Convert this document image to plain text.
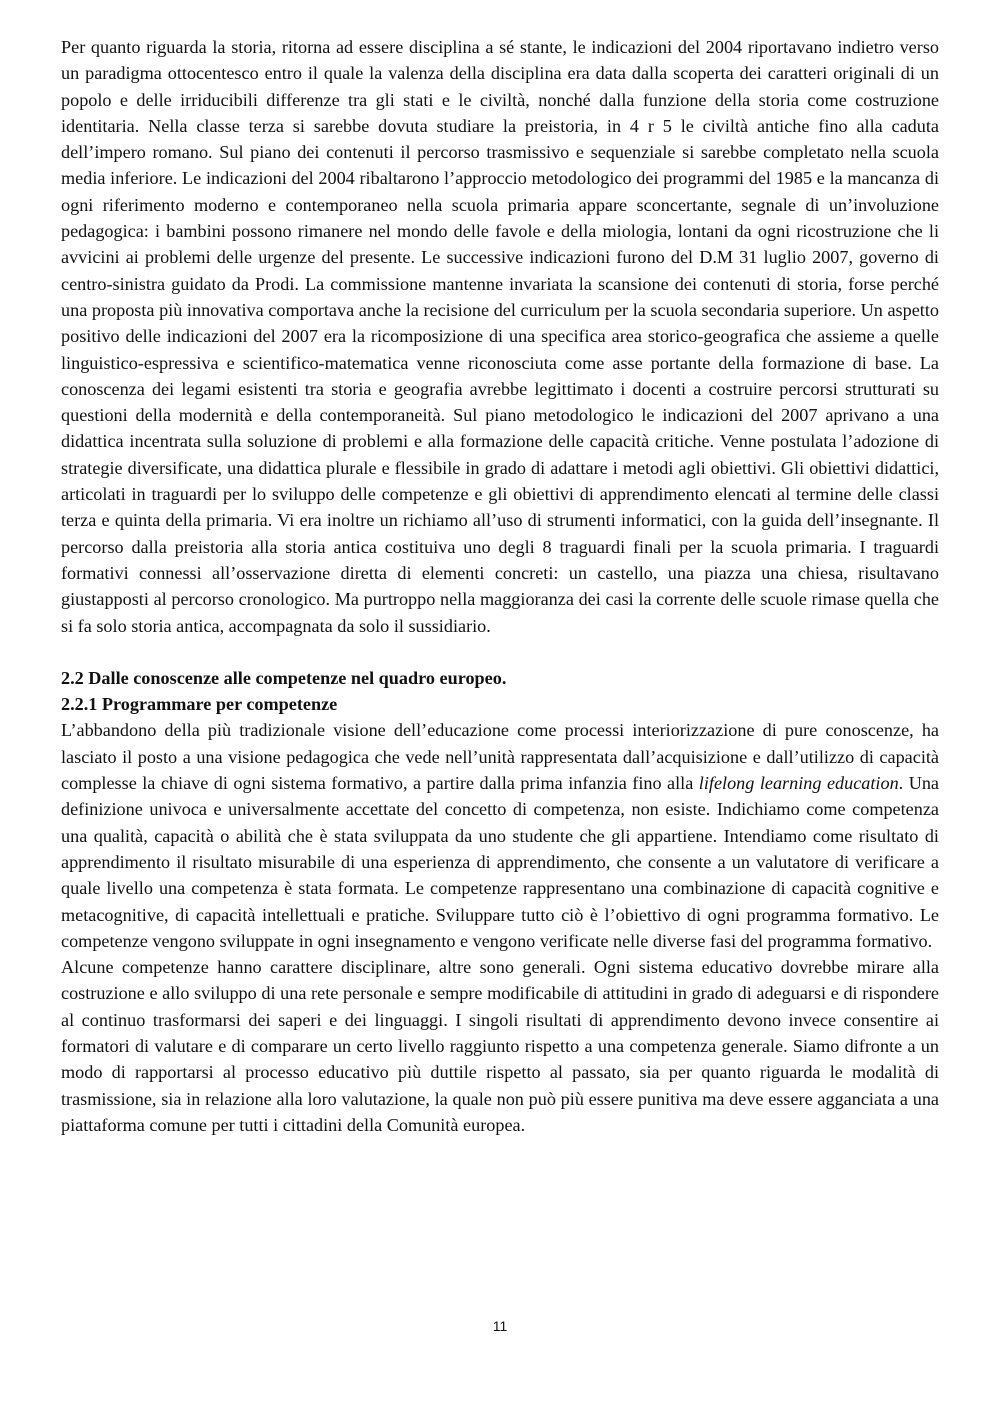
Per quanto riguarda la storia, ritorna ad essere disciplina a sé stante, le indicazioni del 2004 riportavano indietro verso un paradigma ottocentesco entro il quale la valenza della disciplina era data dalla scoperta dei caratteri originali di un popolo e delle irriducibili differenze tra gli stati e le civiltà, nonché dalla funzione della storia come costruzione identitaria. Nella classe terza si sarebbe dovuta studiare la preistoria, in 4 r 5 le civiltà antiche fino alla caduta dell’impero romano. Sul piano dei contenuti il percorso trasmissivo e sequenziale si sarebbe completato nella scuola media inferiore. Le indicazioni del 2004 ribaltarono l’approccio metodologico dei programmi del 1985 e la mancanza di ogni riferimento moderno e contemporaneo nella scuola primaria appare sconcertante, segnale di un’involuzione pedagogica: i bambini possono rimanere nel mondo delle favole e della miologia, lontani da ogni ricostruzione che li avvicini ai problemi delle urgenze del presente. Le successive indicazioni furono del D.M 31 luglio 2007, governo di centro-sinistra guidato da Prodi. La commissione mantenne invariata la scansione dei contenuti di storia, forse perché una proposta più innovativa comportava anche la recisione del curriculum per la scuola secondaria superiore. Un aspetto positivo delle indicazioni del 2007 era la ricomposizione di una specifica area storico-geografica che assieme a quelle linguistico-espressiva e scientifico-matematica venne riconosciuta come asse portante della formazione di base. La conoscenza dei legami esistenti tra storia e geografia avrebbe legittimato i docenti a costruire percorsi strutturati su questioni della modernità e della contemporaneità. Sul piano metodologico le indicazioni del 2007 aprivano a una didattica incentrata sulla soluzione di problemi e alla formazione delle capacità critiche. Venne postulata l’adozione di strategie diversificate, una didattica plurale e flessibile in grado di adattare i metodi agli obiettivi. Gli obiettivi didattici, articolati in traguardi per lo sviluppo delle competenze e gli obiettivi di apprendimento elencati al termine delle classi terza e quinta della primaria. Vi era inoltre un richiamo all’uso di strumenti informatici, con la guida dell’insegnante. Il percorso dalla preistoria alla storia antica costituiva uno degli 8 traguardi finali per la scuola primaria. I traguardi formativi connessi all’osservazione diretta di elementi concreti: un castello, una piazza una chiesa, risultavano giustapposti al percorso cronologico. Ma purtroppo nella maggioranza dei casi la corrente delle scuole rimase quella che si fa solo storia antica, accompagnata da solo il sussidiario.

2.2 Dalle conoscenze alle competenze nel quadro europeo.

2.2.1 Programmare per competenze

L’abbandono della più tradizionale visione dell’educazione come processi interiorizzazione di pure conoscenze, ha lasciato il posto a una visione pedagogica che vede nell’unità rappresentata dall’acquisizione e dall’utilizzo di capacità complesse la chiave di ogni sistema formativo, a partire dalla prima infanzia fino alla lifelong learning education. Una definizione univoca e universalmente accettate del concetto di competenza, non esiste. Indichiamo come competenza una qualità, capacità o abilità che è stata sviluppata da uno studente che gli appartiene. Intendiamo come risultato di apprendimento il risultato misurabile di una esperienza di apprendimento, che consente a un valutatore di verificare a quale livello una competenza è stata formata. Le competenze rappresentano una combinazione di capacità cognitive e metacognitive, di capacità intellettuali e pratiche. Sviluppare tutto ciò è l’obiettivo di ogni programma formativo. Le competenze vengono sviluppate in ogni insegnamento e vengono verificate nelle diverse fasi del programma formativo.

Alcune competenze hanno carattere disciplinare, altre sono generali. Ogni sistema educativo dovrebbe mirare alla costruzione e allo sviluppo di una rete personale e sempre modificabile di attitudini in grado di adeguarsi e di rispondere al continuo trasformarsi dei saperi e dei linguaggi. I singoli risultati di apprendimento devono invece consentire ai formatori di valutare e di comparare un certo livello raggiunto rispetto a una competenza generale. Siamo difronte a un modo di rapportarsi al processo educativo più duttile rispetto al passato, sia per quanto riguarda le modalità di trasmissione, sia in relazione alla loro valutazione, la quale non può più essere punitiva ma deve essere agganciata a una piattaforma comune per tutti i cittadini della Comunità europea.

11
